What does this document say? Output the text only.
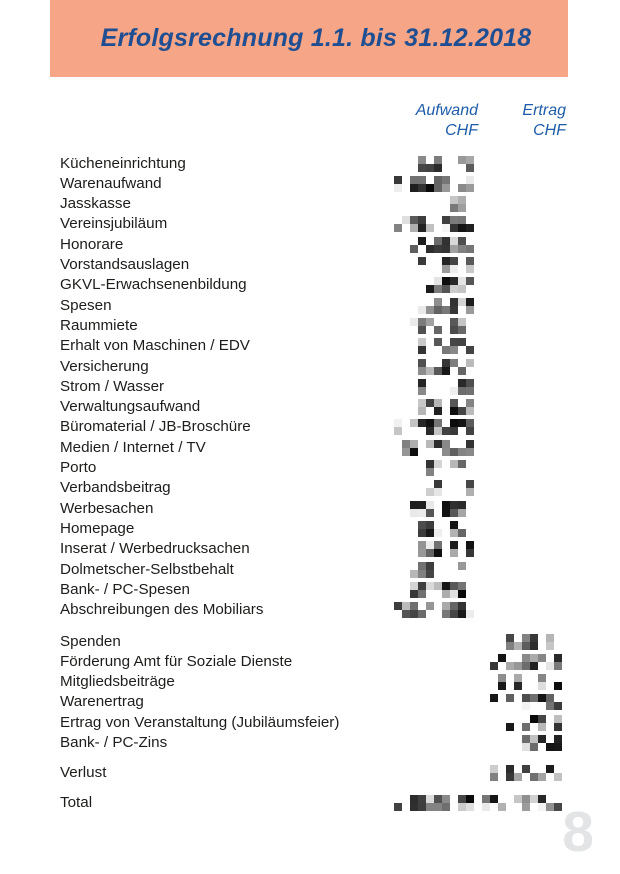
Erfolgsrechnung 1.1. bis 31.12.2018
Aufwand
CHF
Ertrag
CHF
Kücheneinrichtung
Warenaufwand
Jasskasse
Vereinsjubiläum
Honorare
Vorstandsauslagen
GKVL-Erwachsenenbildung
Spesen
Raummiete
Erhalt von Maschinen / EDV
Versicherung
Strom / Wasser
Verwaltungsaufwand
Büromaterial / JB-Broschüre
Medien / Internet / TV
Porto
Verbandsbeitrag
Werbesachen
Homepage
Inserat / Werbedrucksachen
Dolmetscher-Selbstbehalt
Bank- / PC-Spesen
Abschreibungen des Mobiliars
Spenden
Förderung Amt für Soziale Dienste
Mitgliedsbeiträge
Warenertrag
Ertrag von Veranstaltung (Jubiläumsfeier)
Bank- / PC-Zins
Verlust
Total	8
